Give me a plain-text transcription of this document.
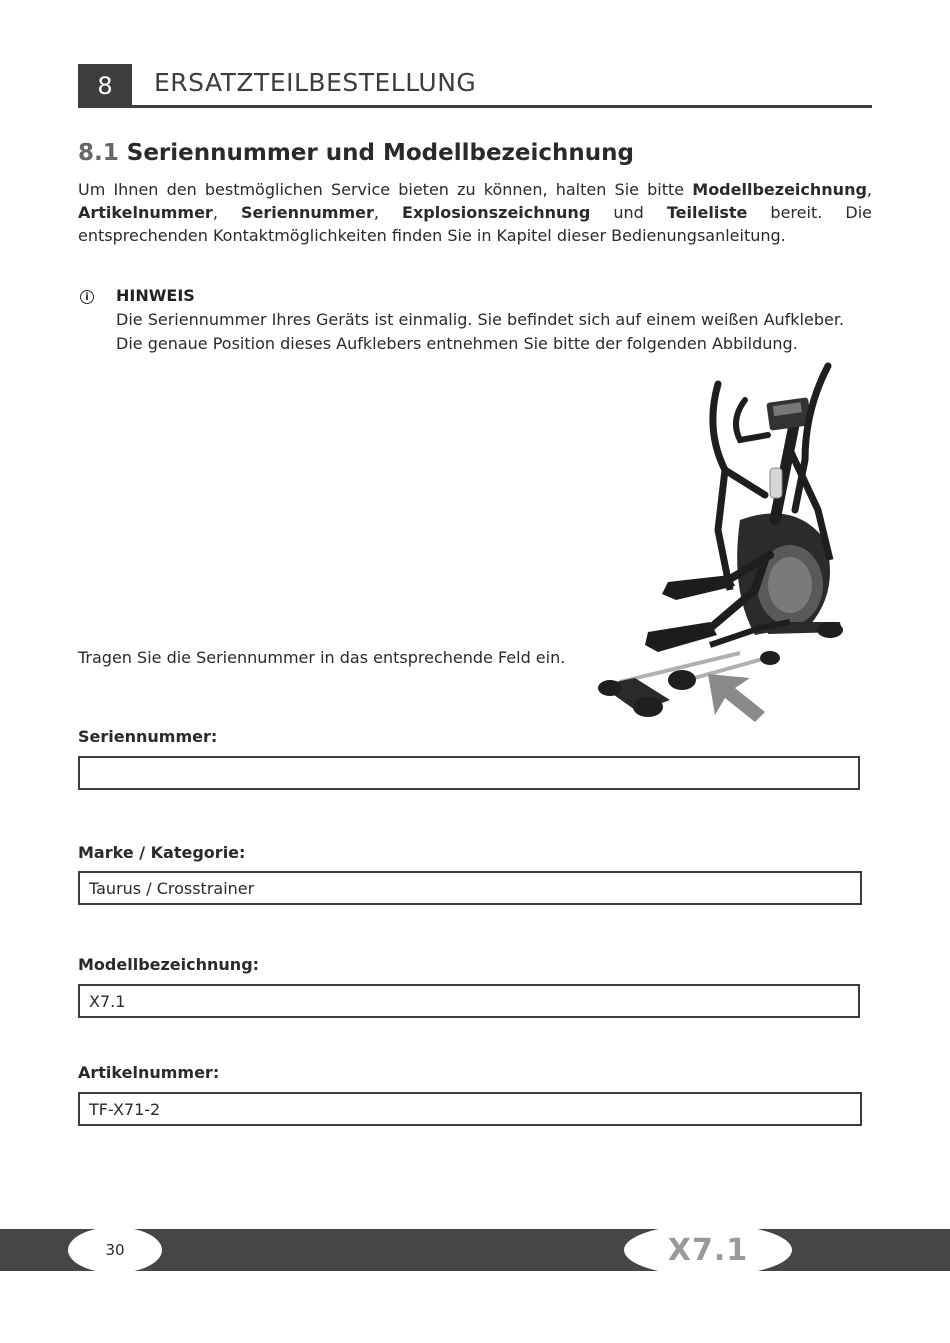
8	ERSATZTEILBESTELLUNG
8.1 Seriennummer und Modellbezeichnung

Um Ihnen den bestmöglichen Service bieten zu können, halten Sie bitte Modellbezeichnung, Artikelnummer, Seriennummer, Explosionszeichnung und Teileliste bereit. Die entsprechenden Kontaktmöglichkeiten finden Sie in Kapitel dieser Bedienungsanleitung.

i	HINWEIS

Die Seriennummer Ihres Geräts ist einmalig. Sie befindet sich auf einem weißen Aufkleber. Die genaue Position dieses Aufklebers entnehmen Sie bitte der folgenden Abbildung.

Tragen Sie die Seriennummer in das entsprechende Feld ein.
Seriennummer:
Marke / Kategorie:
Taurus / Crosstrainer
Modellbezeichnung:
X7.1
Artikelnummer:
TF-X71-2
30	X7.1
